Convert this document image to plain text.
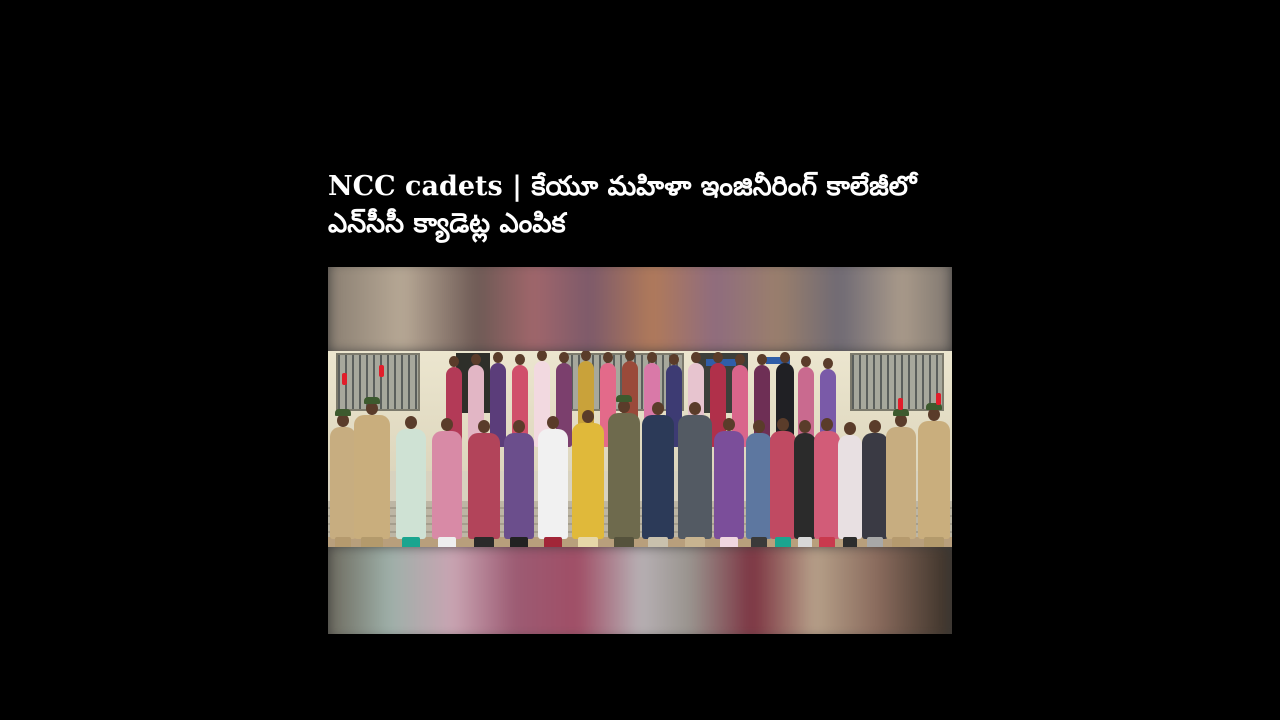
NCC cadets | కేయూ మహిళా ఇంజినీరింగ్ కాలేజీలో ఎన్‌సీసీ క్యాడెట్ల ఎంపిక
